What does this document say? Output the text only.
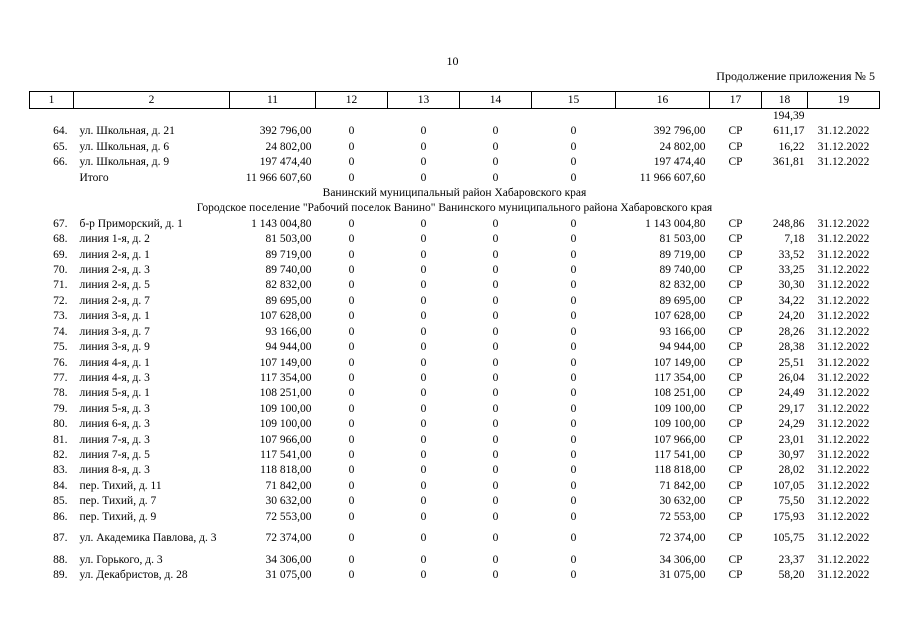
10
Продолжение приложения № 5
1	2	11	12	13	14	15	16	17	18	19
									194,39	
64.	ул. Школьная, д. 21	392 796,00	0	0	0	0	392 796,00	СР	611,17	31.12.2022
65.	ул. Школьная, д. 6	24 802,00	0	0	0	0	24 802,00	СР	16,22	31.12.2022
66.	ул. Школьная, д. 9	197 474,40	0	0	0	0	197 474,40	СР	361,81	31.12.2022
	Итого	11 966 607,60	0	0	0	0	11 966 607,60			
Ванинский муниципальный район Хабаровского края										
Городское поселение "Рабочий поселок Ванино" Ванинского муниципального района Хабаровского края										
67.	б-р Приморский, д. 1	1 143 004,80	0	0	0	0	1 143 004,80	СР	248,86	31.12.2022
68.	линия 1-я, д. 2	81 503,00	0	0	0	0	81 503,00	СР	7,18	31.12.2022
69.	линия 2-я, д. 1	89 719,00	0	0	0	0	89 719,00	СР	33,52	31.12.2022
70.	линия 2-я, д. 3	89 740,00	0	0	0	0	89 740,00	СР	33,25	31.12.2022
71.	линия 2-я, д. 5	82 832,00	0	0	0	0	82 832,00	СР	30,30	31.12.2022
72.	линия 2-я, д. 7	89 695,00	0	0	0	0	89 695,00	СР	34,22	31.12.2022
73.	линия 3-я, д. 1	107 628,00	0	0	0	0	107 628,00	СР	24,20	31.12.2022
74.	линия 3-я, д. 7	93 166,00	0	0	0	0	93 166,00	СР	28,26	31.12.2022
75.	линия 3-я, д. 9	94 944,00	0	0	0	0	94 944,00	СР	28,38	31.12.2022
76.	линия 4-я, д. 1	107 149,00	0	0	0	0	107 149,00	СР	25,51	31.12.2022
77.	линия 4-я, д. 3	117 354,00	0	0	0	0	117 354,00	СР	26,04	31.12.2022
78.	линия 5-я, д. 1	108 251,00	0	0	0	0	108 251,00	СР	24,49	31.12.2022
79.	линия 5-я, д. 3	109 100,00	0	0	0	0	109 100,00	СР	29,17	31.12.2022
80.	линия 6-я, д. 3	109 100,00	0	0	0	0	109 100,00	СР	24,29	31.12.2022
81.	линия 7-я, д. 3	107 966,00	0	0	0	0	107 966,00	СР	23,01	31.12.2022
82.	линия 7-я, д. 5	117 541,00	0	0	0	0	117 541,00	СР	30,97	31.12.2022
83.	линия 8-я, д. 3	118 818,00	0	0	0	0	118 818,00	СР	28,02	31.12.2022
84.	пер. Тихий, д. 11	71 842,00	0	0	0	0	71 842,00	СР	107,05	31.12.2022
85.	пер. Тихий, д. 7	30 632,00	0	0	0	0	30 632,00	СР	75,50	31.12.2022
86.	пер. Тихий, д. 9	72 553,00	0	0	0	0	72 553,00	СР	175,93	31.12.2022
87.	ул. Академика Павлова, д. 3	72 374,00	0	0	0	0	72 374,00	СР	105,75	31.12.2022
88.	ул. Горького, д. 3	34 306,00	0	0	0	0	34 306,00	СР	23,37	31.12.2022
89.	ул. Декабристов, д. 28	31 075,00	0	0	0	0	31 075,00	СР	58,20	31.12.2022
